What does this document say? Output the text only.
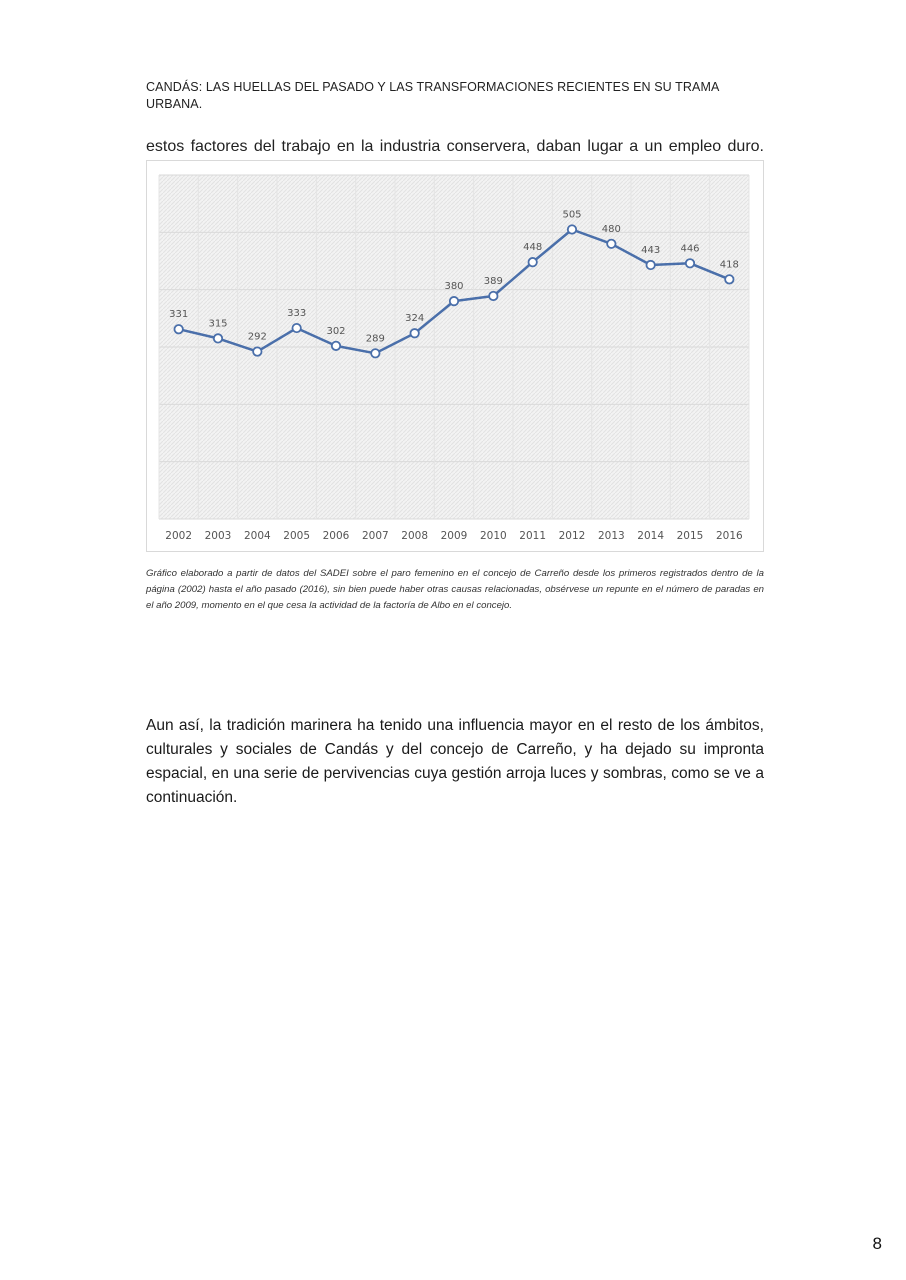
CANDÁS: LAS HUELLAS DEL PASADO Y LAS TRANSFORMACIONES RECIENTES EN SU TRAMA URBANA.
estos factores del trabajo en la industria conservera, daban lugar a un empleo duro.
331
315
292
333
302
289
324
380 389
448
505
480
443 446
418
2002 2003 2004 2005 2006 2007 2008 2009 2010 2011 2012 2013 2014 2015 2016
Gráfico elaborado a partir de datos del SADEI sobre el paro femenino en el concejo de Carreño desde los primeros registrados dentro de la página (2002) hasta el año pasado (2016), sin bien puede haber otras causas relacionadas, obsérvese un repunte en el número de paradas en el año 2009, momento en el que cesa la actividad de la factoría de Albo en el concejo.
Aun así, la tradición marinera ha tenido una influencia mayor en el resto de los ámbitos, culturales y sociales de Candás y del concejo de Carreño, y ha dejado su impronta espacial, en una serie de pervivencias cuya gestión arroja luces y sombras, como se ve a continuación.
8
